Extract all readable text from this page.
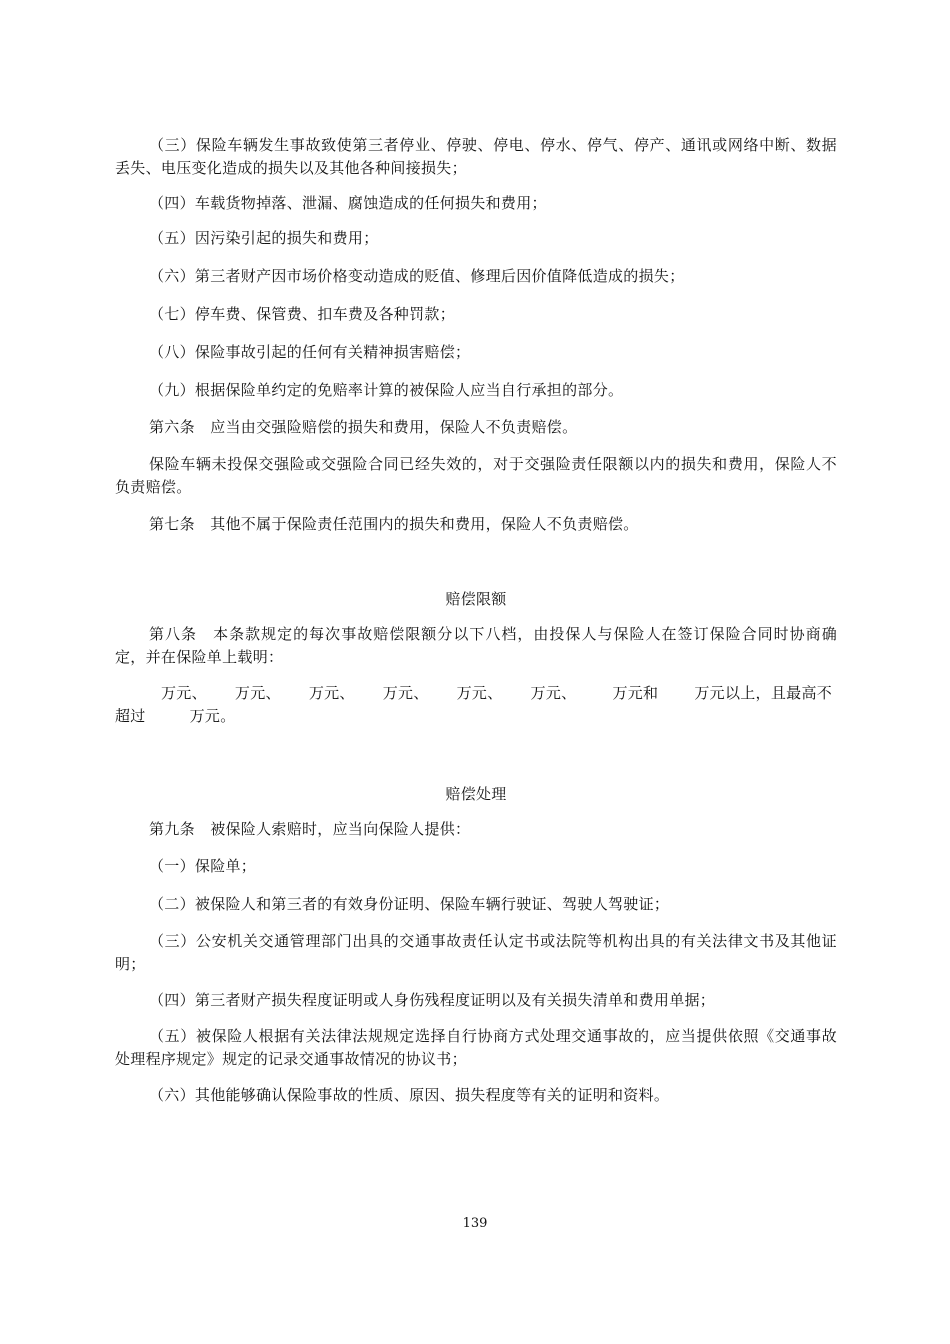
（三）保险车辆发生事故致使第三者停业、停驶、停电、停水、停气、停产、通讯或网络中断、数据丢失、电压变化造成的损失以及其他各种间接损失；

（四）车载货物掉落、泄漏、腐蚀造成的任何损失和费用；

（五）因污染引起的损失和费用；

（六）第三者财产因市场价格变动造成的贬值、修理后因价值降低造成的损失；

（七）停车费、保管费、扣车费及各种罚款；

（八）保险事故引起的任何有关精神损害赔偿；

（九）根据保险单约定的免赔率计算的被保险人应当自行承担的部分。

第六条　应当由交强险赔偿的损失和费用，保险人不负责赔偿。

保险车辆未投保交强险或交强险合同已经失效的，对于交强险责任限额以内的损失和费用，保险人不负责赔偿。

第七条　其他不属于保险责任范围内的损失和费用，保险人不负责赔偿。

赔偿限额

第八条　本条款规定的每次事故赔偿限额分以下八档，由投保人与保险人在签订保险合同时协商确定，并在保险单上载明：

万元、 万元、 万元、 万元、 万元、 万元、 万元和 万元以上，且最高不

超过	万元。

赔偿处理

第九条　被保险人索赔时，应当向保险人提供：

（一）保险单；

（二）被保险人和第三者的有效身份证明、保险车辆行驶证、驾驶人驾驶证；

（三）公安机关交通管理部门出具的交通事故责任认定书或法院等机构出具的有关法律文书及其他证明；

（四）第三者财产损失程度证明或人身伤残程度证明以及有关损失清单和费用单据；

（五）被保险人根据有关法律法规规定选择自行协商方式处理交通事故的，应当提供依照《交通事故处理程序规定》规定的记录交通事故情况的协议书；

（六）其他能够确认保险事故的性质、原因、损失程度等有关的证明和资料。

139
